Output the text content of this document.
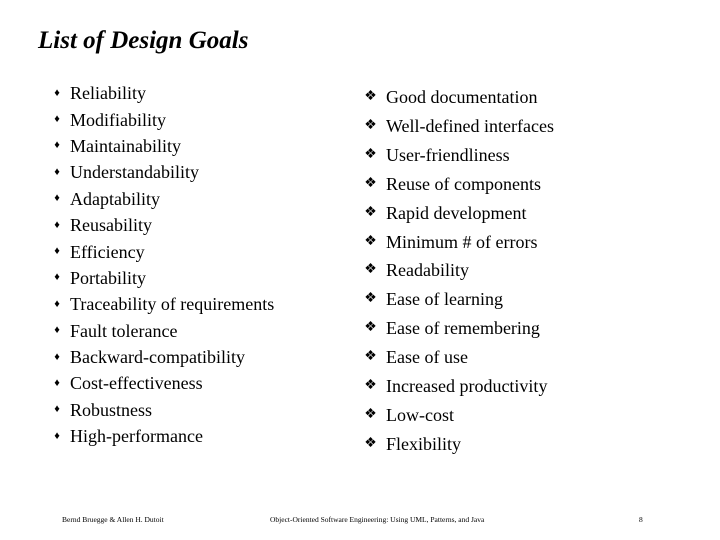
List of Design Goals
♦ Reliability
♦ Modifiability
♦ Maintainability
♦ Understandability
♦ Adaptability
♦ Reusability
♦ Efficiency
♦ Portability
♦ Traceability of requirements
♦ Fault tolerance
♦ Backward-compatibility
♦ Cost-effectiveness
♦ Robustness
♦ High-performance
❖ Good documentation
❖ Well-defined interfaces
❖ User-friendliness
❖ Reuse of components
❖ Rapid development
❖ Minimum # of errors
❖ Readability
❖ Ease of learning
❖ Ease of remembering
❖ Ease of use
❖ Increased productivity
❖ Low-cost
❖ Flexibility
Bernd Bruegge & Allen H. Dutoit	Object-Oriented Software Engineering: Using UML, Patterns, and Java	8
